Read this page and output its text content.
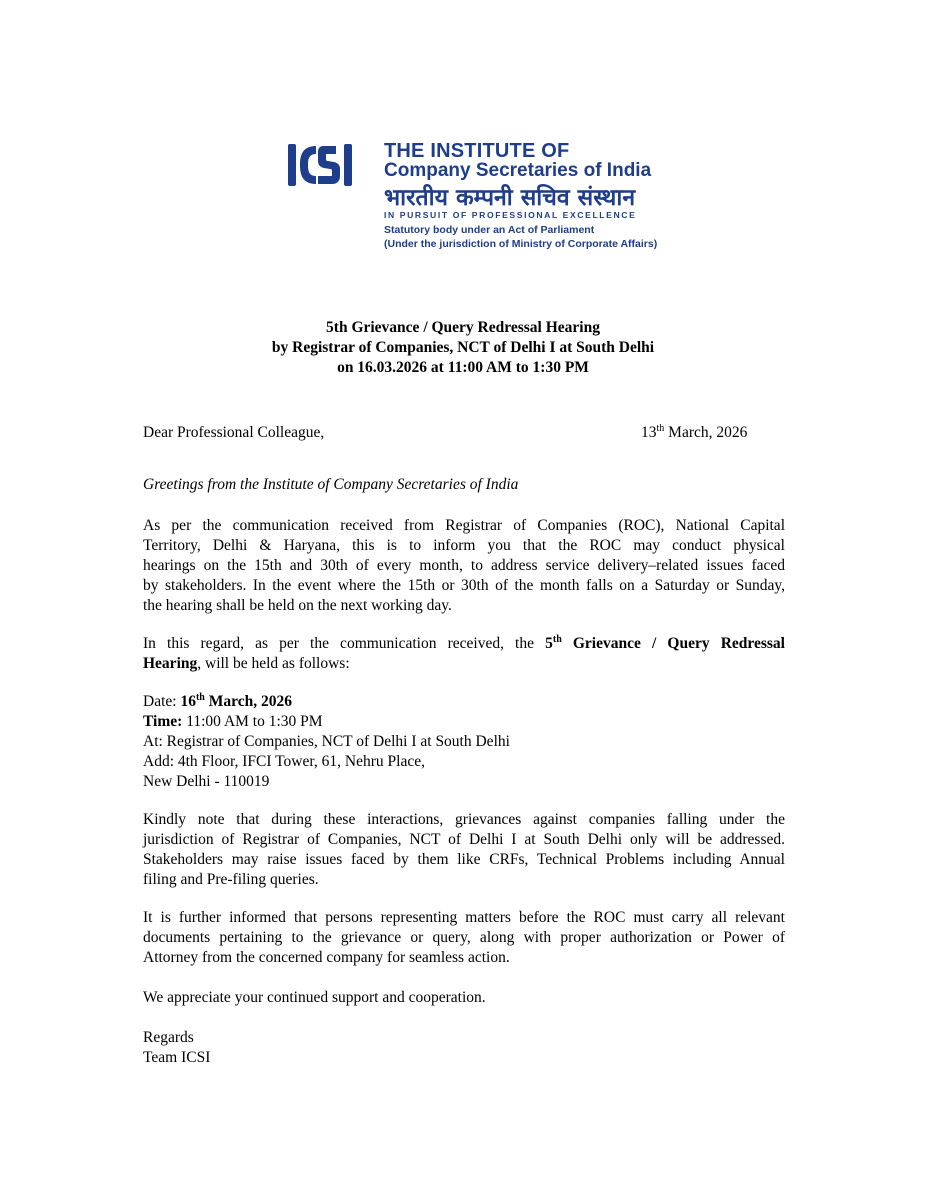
THE INSTITUTE OF
Company Secretaries of India
भारतीय कम्पनी सचिव संस्थान
IN PURSUIT OF PROFESSIONAL EXCELLENCE
Statutory body under an Act of Parliament
(Under the jurisdiction of Ministry of Corporate Affairs)
5th Grievance / Query Redressal Hearing
by Registrar of Companies, NCT of Delhi I at South Delhi
on 16.03.2026 at 11:00 AM to 1:30 PM
Dear Professional Colleague,	13th March, 2026
Greetings from the Institute of Company Secretaries of India
As per the communication received from Registrar of Companies (ROC), National Capital
Territory, Delhi & Haryana, this is to inform you that the ROC may conduct physical
hearings on the 15th and 30th of every month, to address service delivery–related issues faced
by stakeholders. In the event where the 15th or 30th of the month falls on a Saturday or Sunday,
the hearing shall be held on the next working day.
In this regard, as per the communication received, the 5th Grievance / Query Redressal
Hearing, will be held as follows:
Date: 16th March, 2026
Time: 11:00 AM to 1:30 PM
At: Registrar of Companies, NCT of Delhi I at South Delhi
Add: 4th Floor, IFCI Tower, 61, Nehru Place,
New Delhi - 110019
Kindly note that during these interactions, grievances against companies falling under the
jurisdiction of Registrar of Companies, NCT of Delhi I at South Delhi only will be addressed.
Stakeholders may raise issues faced by them like CRFs, Technical Problems including Annual
filing and Pre-filing queries.
It is further informed that persons representing matters before the ROC must carry all relevant
documents pertaining to the grievance or query, along with proper authorization or Power of
Attorney from the concerned company for seamless action.
We appreciate your continued support and cooperation.
Regards
Team ICSI
